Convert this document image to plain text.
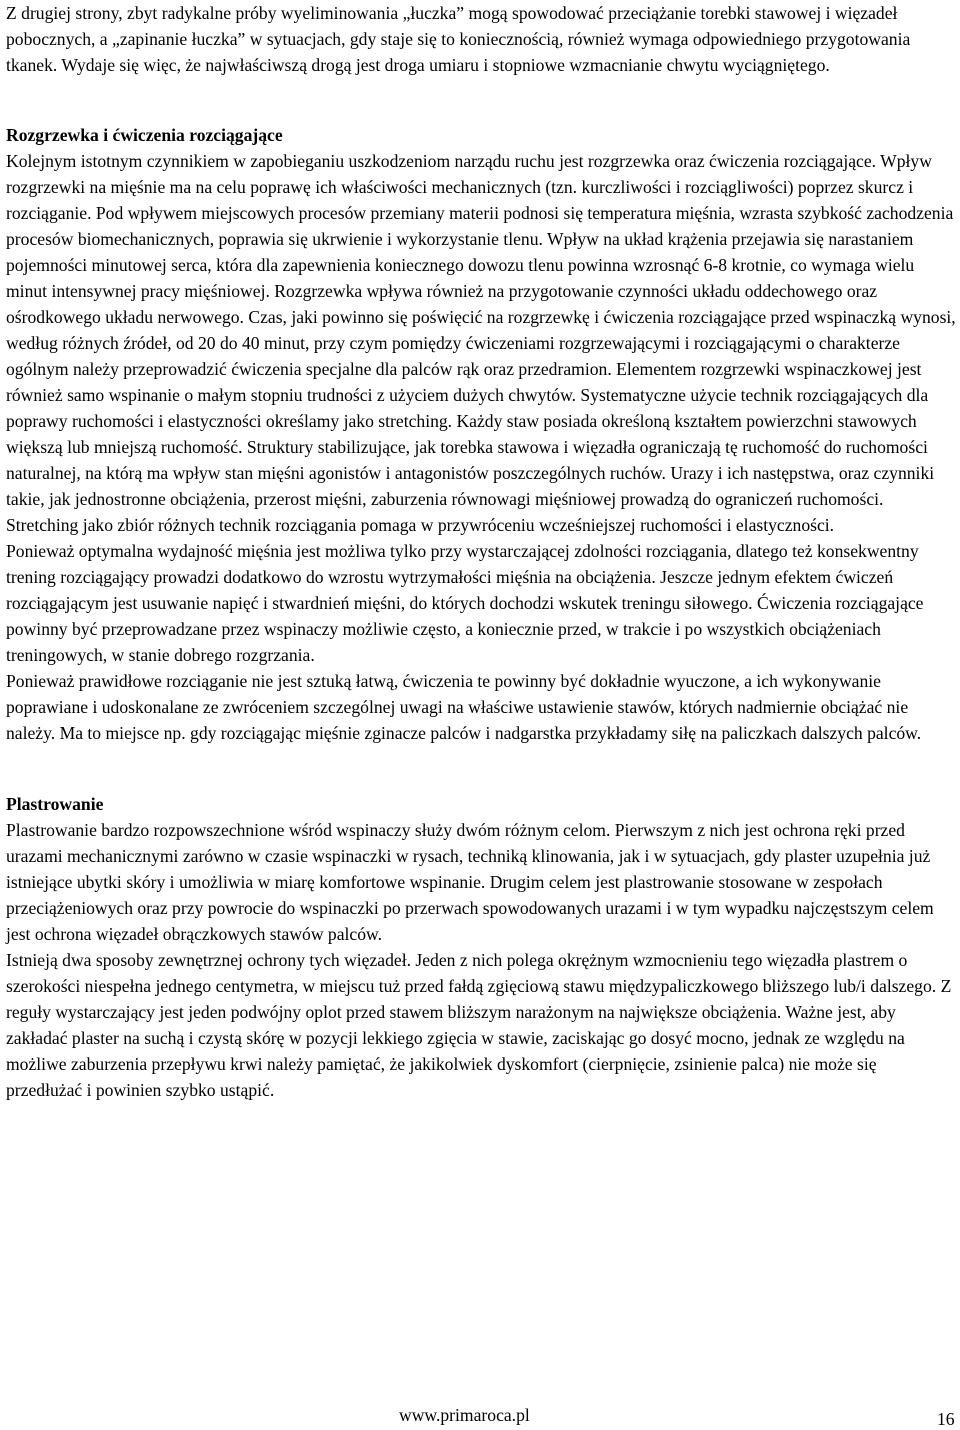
Z drugiej strony, zbyt radykalne próby wyeliminowania „łuczka” mogą spowodować przeciążanie torebki stawowej i więzadeł pobocznych, a „zapinanie łuczka” w sytuacjach, gdy staje się to koniecznością, również wymaga odpowiedniego przygotowania tkanek. Wydaje się więc, że najwłaściwszą drogą jest droga umiaru i stopniowe wzmacnianie chwytu wyciągniętego.

Rozgrzewka i ćwiczenia rozciągające

Kolejnym istotnym czynnikiem w zapobieganiu uszkodzeniom narządu ruchu jest rozgrzewka oraz ćwiczenia rozciągające. Wpływ rozgrzewki na mięśnie ma na celu poprawę ich właściwości mechanicznych (tzn. kurczliwości i rozciągliwości) poprzez skurcz i rozciąganie. Pod wpływem miejscowych procesów przemiany materii podnosi się temperatura mięśnia, wzrasta szybkość zachodzenia procesów biomechanicznych, poprawia się ukrwienie i wykorzystanie tlenu. Wpływ na układ krążenia przejawia się narastaniem pojemności minutowej serca, która dla zapewnienia koniecznego dowozu tlenu powinna wzrosnąć 6-8 krotnie, co wymaga wielu minut intensywnej pracy mięśniowej. Rozgrzewka wpływa również na przygotowanie czynności układu oddechowego oraz ośrodkowego układu nerwowego. Czas, jaki powinno się poświęcić na rozgrzewkę i ćwiczenia rozciągające przed wspinaczką wynosi, według różnych źródeł, od 20 do 40 minut, przy czym pomiędzy ćwiczeniami rozgrzewającymi i rozciągającymi o charakterze ogólnym należy przeprowadzić ćwiczenia specjalne dla palców rąk oraz przedramion. Elementem rozgrzewki wspinaczkowej jest również samo wspinanie o małym stopniu trudności z użyciem dużych chwytów. Systematyczne użycie technik rozciągających dla poprawy ruchomości i elastyczności określamy jako stretching. Każdy staw posiada określoną kształtem powierzchni stawowych większą lub mniejszą ruchomość. Struktury stabilizujące, jak torebka stawowa i więzadła ograniczają tę ruchomość do ruchomości naturalnej, na którą ma wpływ stan mięśni agonistów i antagonistów poszczególnych ruchów. Urazy i ich następstwa, oraz czynniki takie, jak jednostronne obciążenia, przerost mięśni, zaburzenia równowagi mięśniowej prowadzą do ograniczeń ruchomości. Stretching jako zbiór różnych technik rozciągania pomaga w przywróceniu wcześniejszej ruchomości i elastyczności.

Ponieważ optymalna wydajność mięśnia jest możliwa tylko przy wystarczającej zdolności rozciągania, dlatego też konsekwentny trening rozciągający prowadzi dodatkowo do wzrostu wytrzymałości mięśnia na obciążenia. Jeszcze jednym efektem ćwiczeń rozciągającym jest usuwanie napięć i stwardnień mięśni, do których dochodzi wskutek treningu siłowego. Ćwiczenia rozciągające powinny być przeprowadzane przez wspinaczy możliwie często, a koniecznie przed, w trakcie i po wszystkich obciążeniach treningowych, w stanie dobrego rozgrzania.

Ponieważ prawidłowe rozciąganie nie jest sztuką łatwą, ćwiczenia te powinny być dokładnie wyuczone, a ich wykonywanie poprawiane i udoskonalane ze zwróceniem szczególnej uwagi na właściwe ustawienie stawów, których nadmiernie obciążać nie należy. Ma to miejsce np. gdy rozciągając mięśnie zginacze palców i nadgarstka przykładamy siłę na paliczkach dalszych palców.

Plastrowanie

Plastrowanie bardzo rozpowszechnione wśród wspinaczy służy dwóm różnym celom. Pierwszym z nich jest ochrona ręki przed urazami mechanicznymi zarówno w czasie wspinaczki w rysach, techniką klinowania, jak i w sytuacjach, gdy plaster uzupełnia już istniejące ubytki skóry i umożliwia w miarę komfortowe wspinanie. Drugim celem jest plastrowanie stosowane w zespołach przeciążeniowych oraz przy powrocie do wspinaczki po przerwach spowodowanych urazami i w tym wypadku najczęstszym celem jest ochrona więzadeł obrączkowych stawów palców.

Istnieją dwa sposoby zewnętrznej ochrony tych więzadeł. Jeden z nich polega okrężnym wzmocnieniu tego więzadła plastrem o szerokości niespełna jednego centymetra, w miejscu tuż przed fałdą zgięciową stawu międzypaliczkowego bliższego lub/i dalszego. Z reguły wystarczający jest jeden podwójny oplot przed stawem bliższym narażonym na największe obciążenia. Ważne jest, aby zakładać plaster na suchą i czystą skórę w pozycji lekkiego zgięcia w stawie, zaciskając go dosyć mocno, jednak ze względu na możliwe zaburzenia przepływu krwi należy pamiętać, że jakikolwiek dyskomfort (cierpnięcie, zsinienie palca) nie może się przedłużać i powinien szybko ustąpić.

www.primaroca.pl	16
